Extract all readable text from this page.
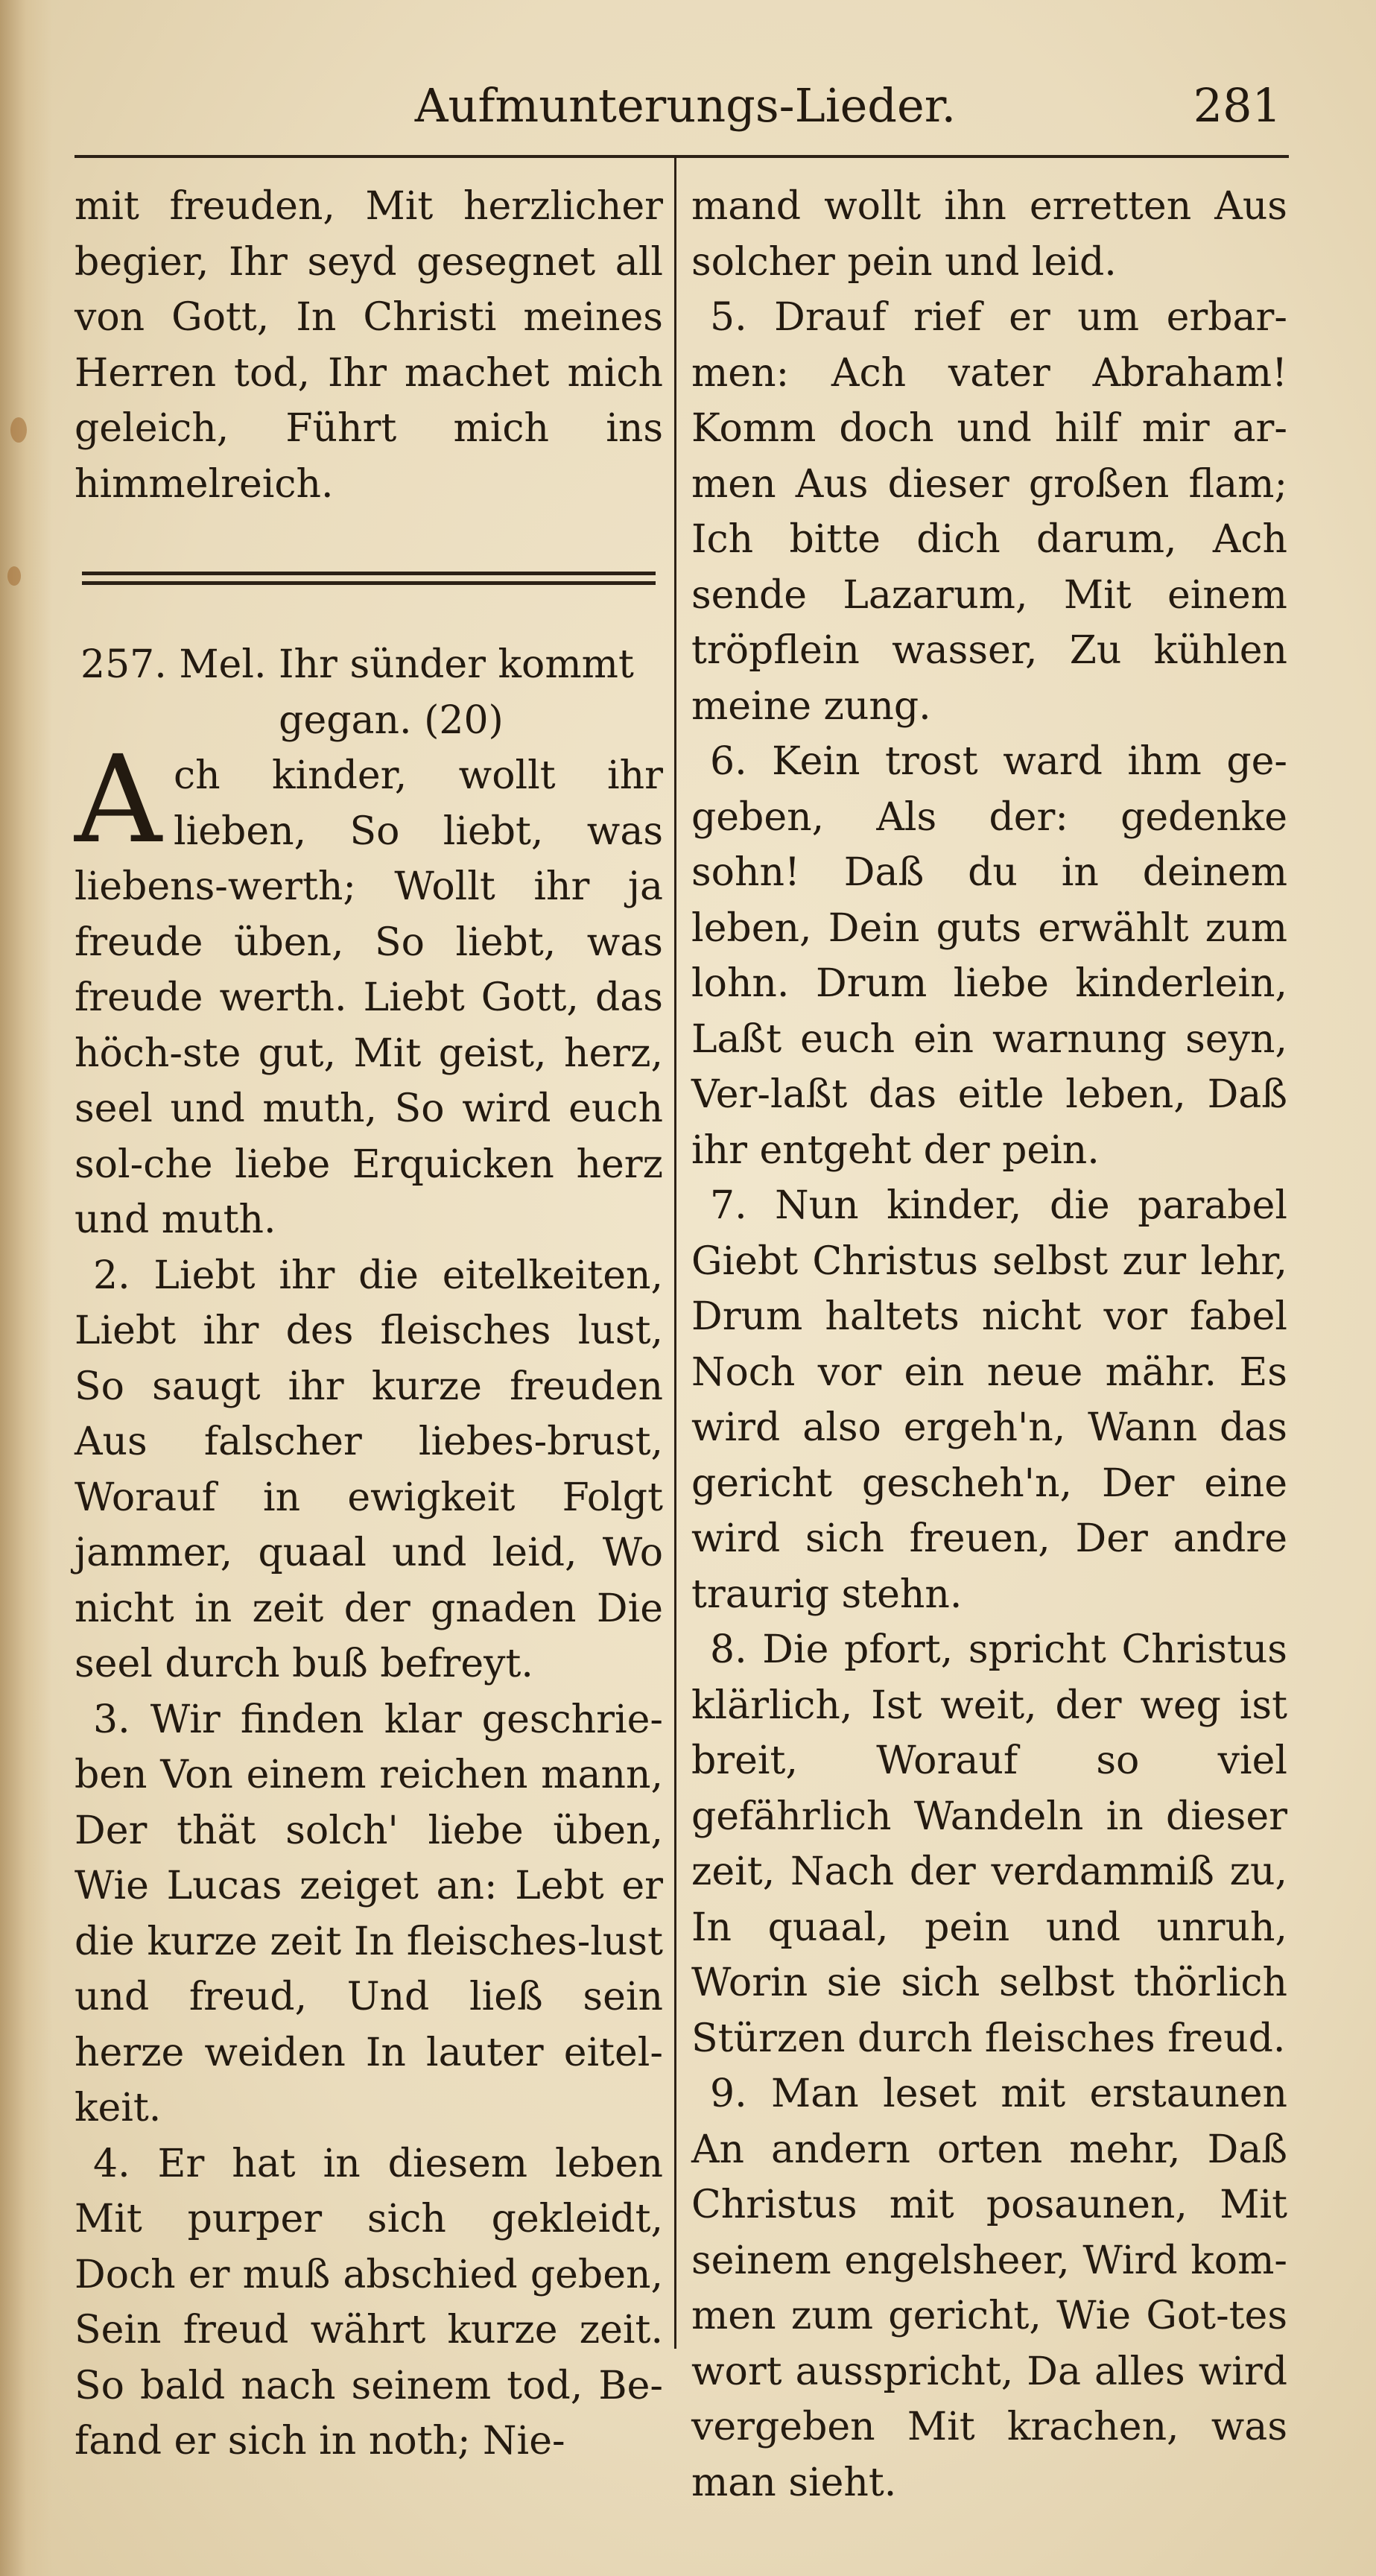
Aufmunterungs-Lieder.	281

mit freuden, Mit herzlicher begier, Ihr seyd gesegnet all von Gott, In Christi meines Herren tod, Ihr machet mich geleich, Führt mich ins himmelreich.

257. Mel. Ihr sünder kommt

gegan. (20)

Ach kinder, wollt ihr lieben, So liebt, was liebens-werth; Wollt ihr ja freude üben, So liebt, was freude werth. Liebt Gott, das höch-ste gut, Mit geist, herz, seel und muth, So wird euch sol-che liebe Erquicken herz und muth.

2. Liebt ihr die eitelkeiten, Liebt ihr des fleisches lust, So saugt ihr kurze freuden Aus falscher liebes-brust, Worauf in ewigkeit Folgt jammer, quaal und leid, Wo nicht in zeit der gnaden Die seel durch buß befreyt.

3. Wir finden klar geschrie-ben Von einem reichen mann, Der thät solch' liebe üben, Wie Lucas zeiget an: Lebt er die kurze zeit In fleisches-lust und freud, Und ließ sein herze weiden In lauter eitel-keit.

4. Er hat in diesem leben Mit purper sich gekleidt, Doch er muß abschied geben, Sein freud währt kurze zeit. So bald nach seinem tod, Be-fand er sich in noth; Nie-

mand wollt ihn erretten Aus solcher pein und leid.

5. Drauf rief er um erbar-men: Ach vater Abraham! Komm doch und hilf mir ar-men Aus dieser großen flam; Ich bitte dich darum, Ach sende Lazarum, Mit einem tröpflein wasser, Zu kühlen meine zung.

6. Kein trost ward ihm ge-geben, Als der: gedenke sohn! Daß du in deinem leben, Dein guts erwählt zum lohn. Drum liebe kinderlein, Laßt euch ein warnung seyn, Ver-laßt das eitle leben, Daß ihr entgeht der pein.

7. Nun kinder, die parabel Giebt Christus selbst zur lehr, Drum haltets nicht vor fabel Noch vor ein neue mähr. Es wird also ergeh'n, Wann das gericht gescheh'n, Der eine wird sich freuen, Der andre traurig stehn.

8. Die pfort, spricht Christus klärlich, Ist weit, der weg ist breit, Worauf so viel gefährlich Wandeln in dieser zeit, Nach der verdammiß zu, In quaal, pein und unruh, Worin sie sich selbst thörlich Stürzen durch fleisches freud.

9. Man leset mit erstaunen An andern orten mehr, Daß Christus mit posaunen, Mit seinem engelsheer, Wird kom-men zum gericht, Wie Got-tes wort ausspricht, Da alles wird vergeben Mit krachen, was man sieht.
